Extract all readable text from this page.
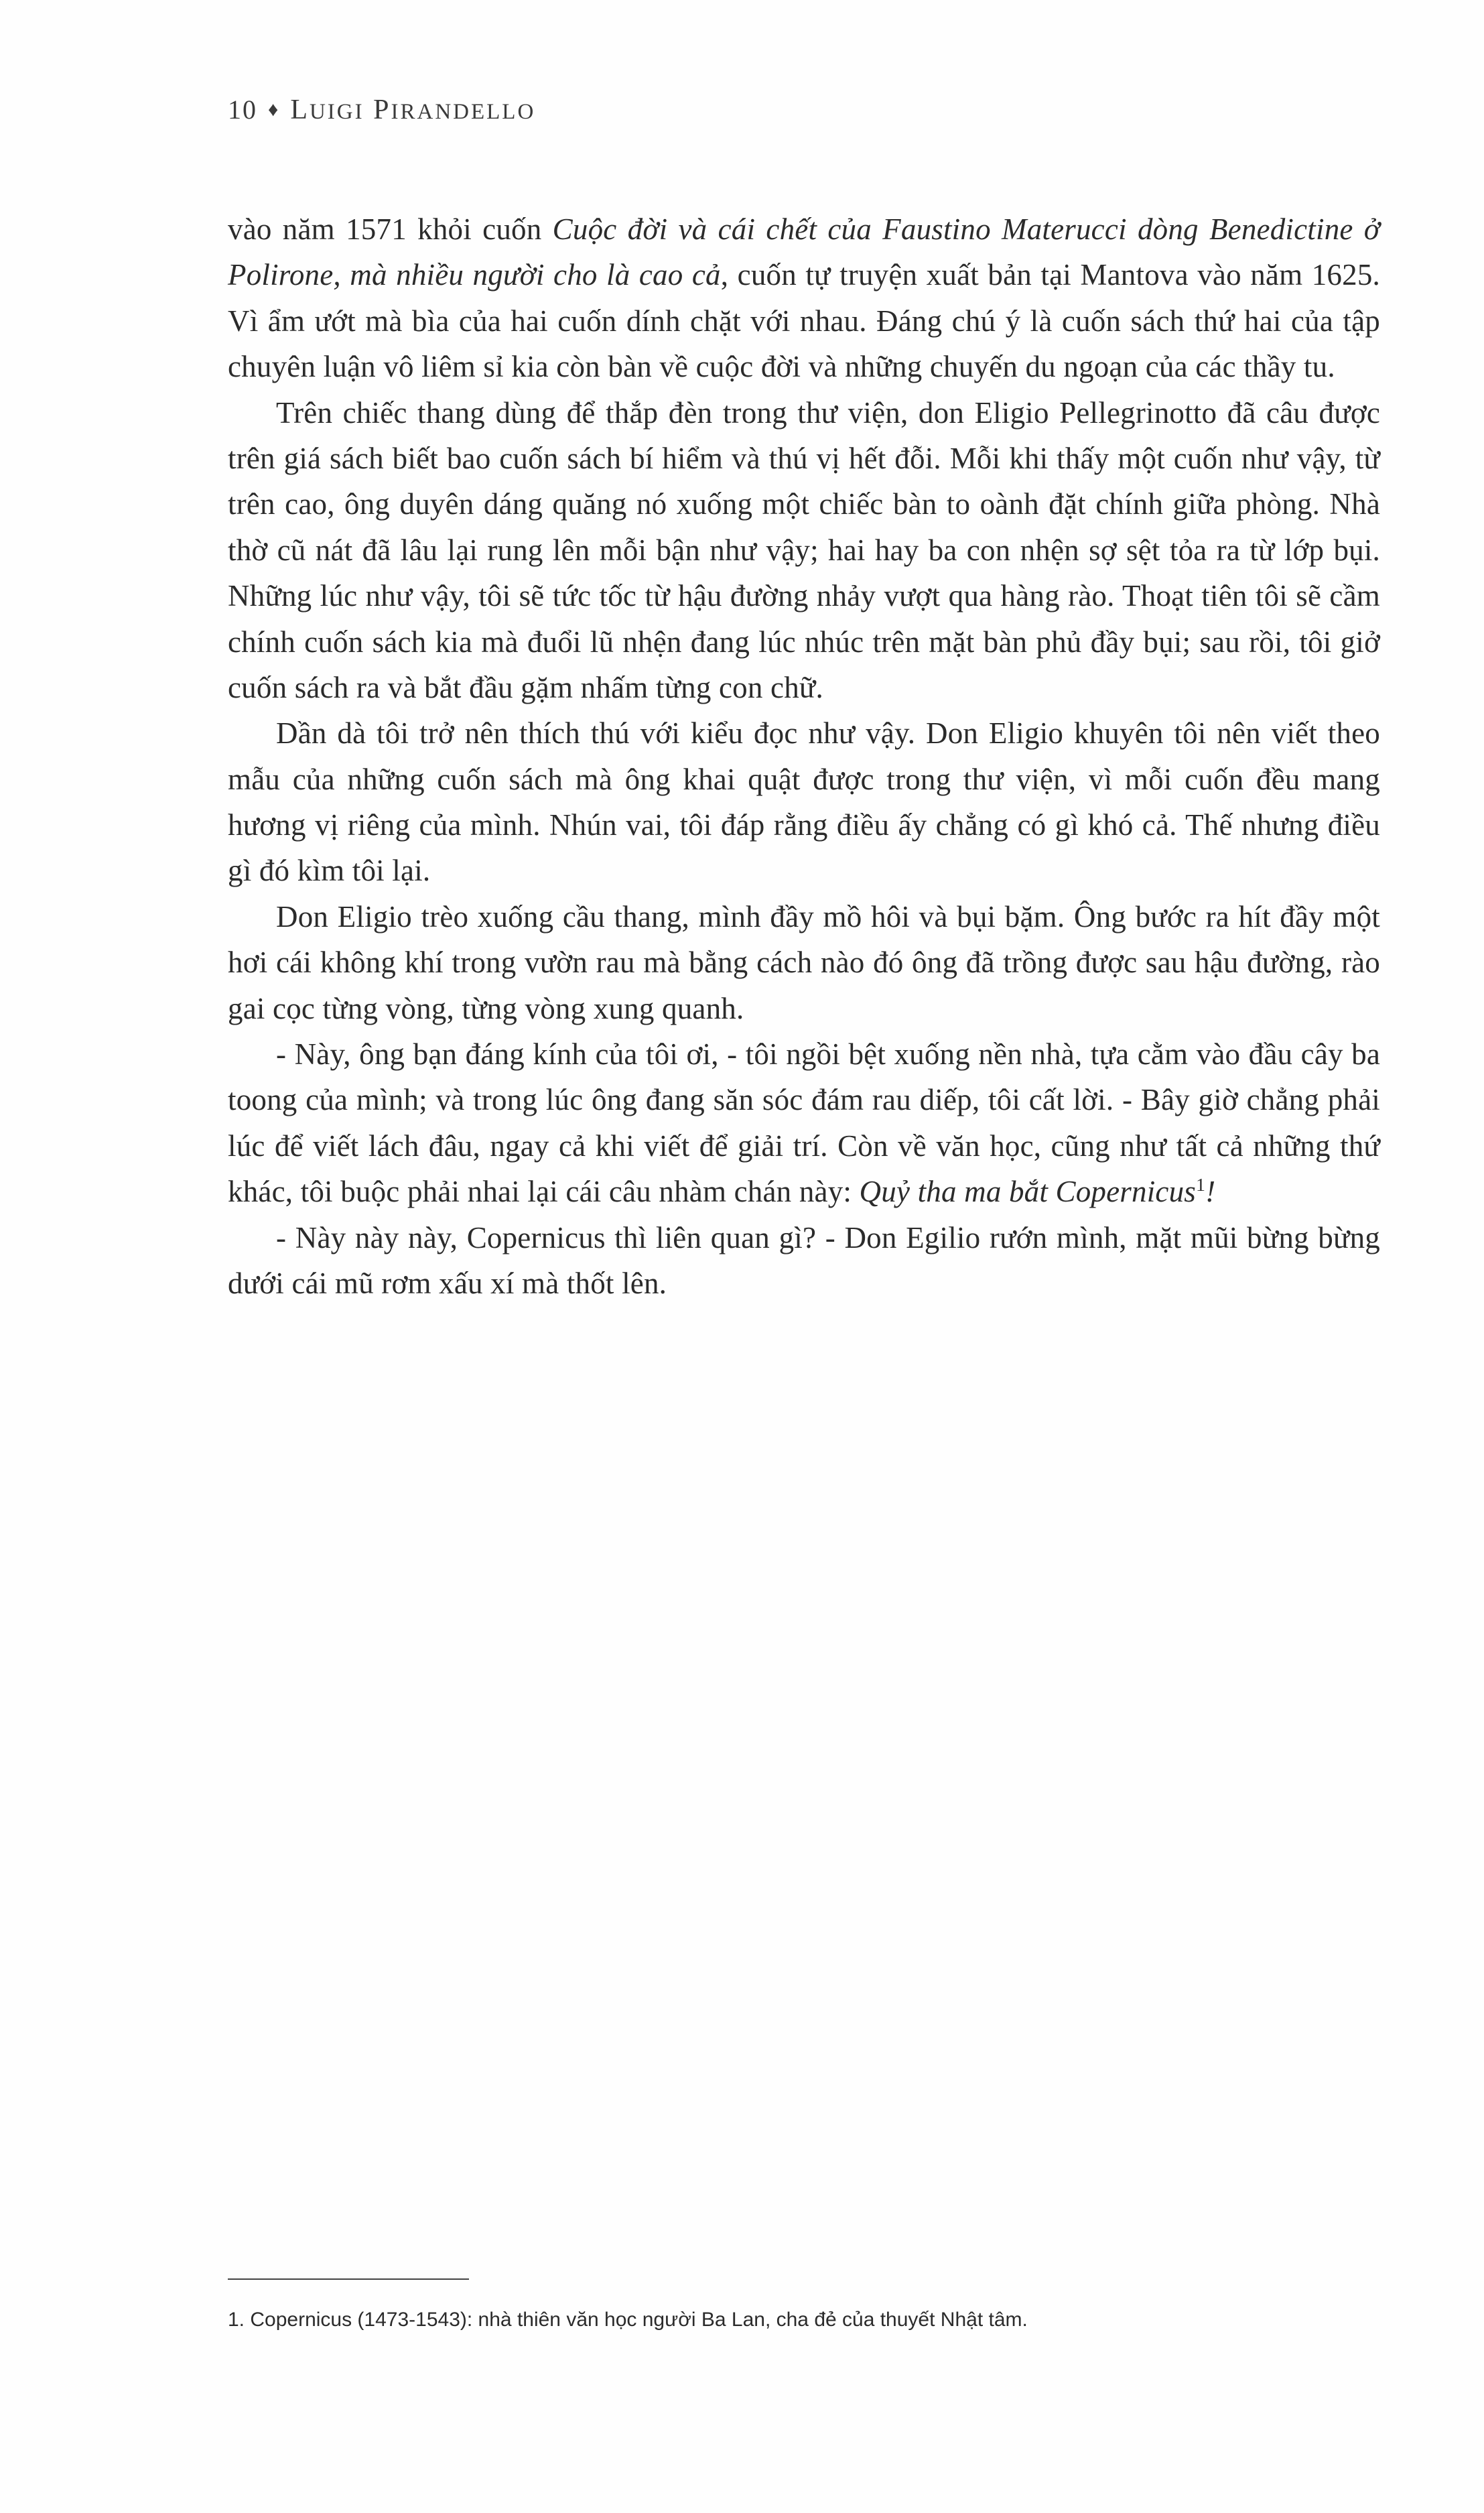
10 ♦ LUIGI PIRANDELLO

vào năm 1571 khỏi cuốn Cuộc đời và cái chết của Faustino Materucci dòng Benedictine ở Polirone, mà nhiều người cho là cao cả, cuốn tự truyện xuất bản tại Mantova vào năm 1625. Vì ẩm ướt mà bìa của hai cuốn dính chặt với nhau. Đáng chú ý là cuốn sách thứ hai của tập chuyên luận vô liêm sỉ kia còn bàn về cuộc đời và những chuyến du ngoạn của các thầy tu.

Trên chiếc thang dùng để thắp đèn trong thư viện, don Eligio Pellegrinotto đã câu được trên giá sách biết bao cuốn sách bí hiểm và thú vị hết đỗi. Mỗi khi thấy một cuốn như vậy, từ trên cao, ông duyên dáng quăng nó xuống một chiếc bàn to oành đặt chính giữa phòng. Nhà thờ cũ nát đã lâu lại rung lên mỗi bận như vậy; hai hay ba con nhện sợ sệt tỏa ra từ lớp bụi. Những lúc như vậy, tôi sẽ tức tốc từ hậu đường nhảy vượt qua hàng rào. Thoạt tiên tôi sẽ cầm chính cuốn sách kia mà đuổi lũ nhện đang lúc nhúc trên mặt bàn phủ đầy bụi; sau rồi, tôi giở cuốn sách ra và bắt đầu gặm nhấm từng con chữ.

Dần dà tôi trở nên thích thú với kiểu đọc như vậy. Don Eligio khuyên tôi nên viết theo mẫu của những cuốn sách mà ông khai quật được trong thư viện, vì mỗi cuốn đều mang hương vị riêng của mình. Nhún vai, tôi đáp rằng điều ấy chẳng có gì khó cả. Thế nhưng điều gì đó kìm tôi lại.

Don Eligio trèo xuống cầu thang, mình đầy mồ hôi và bụi bặm. Ông bước ra hít đầy một hơi cái không khí trong vườn rau mà bằng cách nào đó ông đã trồng được sau hậu đường, rào gai cọc từng vòng, từng vòng xung quanh.

- Này, ông bạn đáng kính của tôi ơi, - tôi ngồi bệt xuống nền nhà, tựa cằm vào đầu cây ba toong của mình; và trong lúc ông đang săn sóc đám rau diếp, tôi cất lời. - Bây giờ chẳng phải lúc để viết lách đâu, ngay cả khi viết để giải trí. Còn về văn học, cũng như tất cả những thứ khác, tôi buộc phải nhai lại cái câu nhàm chán này: Quỷ tha ma bắt Copernicus$^1$!

- Này này này, Copernicus thì liên quan gì? - Don Egilio rướn mình, mặt mũi bừng bừng dưới cái mũ rơm xấu xí mà thốt lên.

1. Copernicus (1473-1543): nhà thiên văn học người Ba Lan, cha đẻ của thuyết Nhật tâm.
